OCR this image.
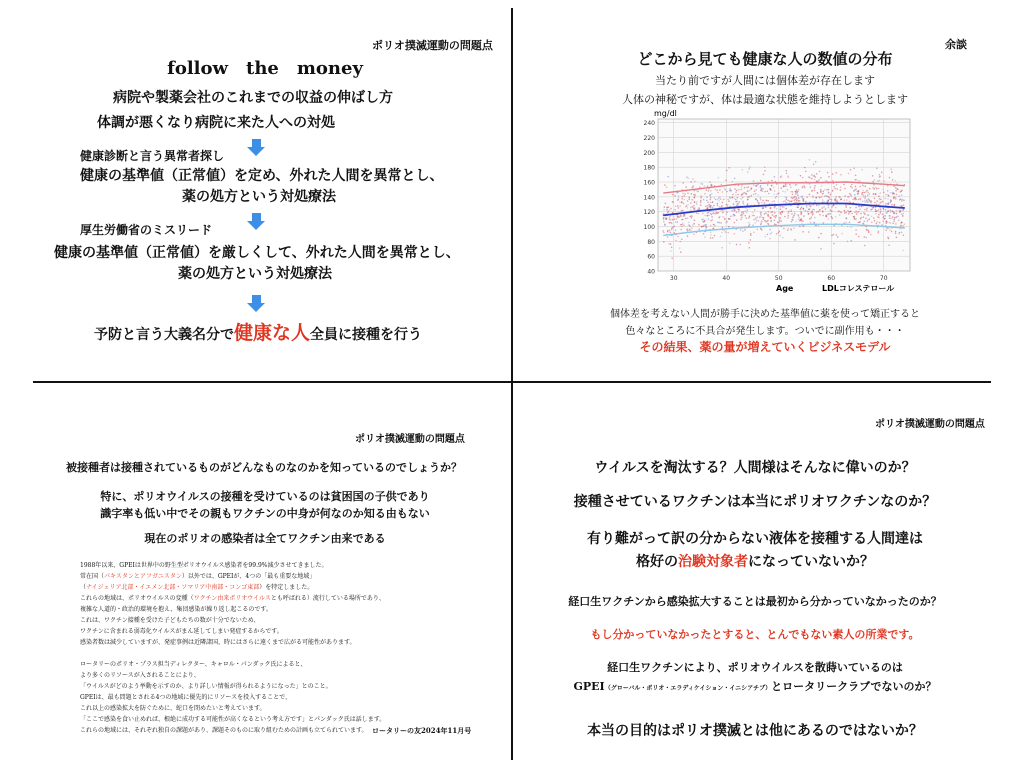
ポリオ撲滅運動の問題点
follow　the　money
病院や製薬会社のこれまでの収益の伸ばし方
体調が悪くなり病院に来た人への対処
健康診断と言う異常者探し
健康の基準値（正常値）を定め、外れた人間を異常とし、
薬の処方という対処療法
厚生労働省のミスリード
健康の基準値（正常値）を厳しくして、外れた人間を異常とし、
薬の処方という対処療法
予防と言う大義名分で健康な人全員に接種を行う
余談
どこから見ても健康な人の数値の分布
当たり前ですが人間には個体差が存在します
人体の神秘ですが、体は最適な状態を維持しようとします
40
60
80
100
120
140
160
180
200
220
240
30	40	50	60	70
mg/dl
Age	LDLコレステロール
個体差を考えない人間が勝手に決めた基準値に薬を使って矯正すると
色々なところに不具合が発生します。ついでに副作用も・・・
その結果、薬の量が増えていくビジネスモデル
ポリオ撲滅運動の問題点
被接種者は接種されているものがどんなものなのかを知っているのでしょうか？
特に、ポリオウイルスの接種を受けているのは貧困国の子供であり
識字率も低い中でその親もワクチンの中身が何なのか知る由もない
現在のポリオの感染者は全てワクチン由来である
1988年以来、GPEIは世界中の野生型ポリオウイルス感染者を99.9%減少させてきました。
常在国（パキスタンとアフガニスタン）以外では、GPEIが、4つの「最も重要な地域」
（ナイジェリア北部・イエメン北部・ソマリア中南部・コンゴ東部）を特定しました。
これらの地域は、ポリオウイルスの変種（ワクチン由来ポリオウイルスとも呼ばれる）流行している場所であり、
複雑な人道的・政治的環境を抱え、集団感染が繰り返し起こるのです。
これは、ワクチン接種を受けた子どもたちの数が十分でないため、
ワクチンに含まれる弱毒化ウイルスがまん延してしまい発症するからです。
感染者数は減少していますが、発症事例は近隣諸国、時にはさらに遠くまで広がる可能性があります。
ロータリーのポリオ・プラス担当ディレクター、キャロル・パンダック氏によると、
より多くのリソースが入されることにより、
「ウイルスがどのよう挙動を示すのか、より詳しい情報が得られるようになった」とのこと。
GPEIは、最も問題とされる4つの地域に優先的にリソースを投入することで、
これ以上の感染拡大を防ぐために、蛇口を閉めたいと考えています。
「ここで感染を食い止めれば、根絶に成功する可能性が高くなるという考え方です」とパンダック氏は話します。
これらの地域には、それぞれ独自の課題があり、課題そのものに取り組むための計画も立てられています。 ロータリーの友2024年11月号
ポリオ撲滅運動の問題点
ウイルスを淘汰する？人間様はそんなに偉いのか？
接種させているワクチンは本当にポリオワクチンなのか？
有り難がって訳の分からない液体を接種する人間達は
格好の治験対象者になっていないか？
経口生ワクチンから感染拡大することは最初から分かっていなかったのか？
もし分かっていなかったとすると、とんでもない素人の所業です。
経口生ワクチンにより、ポリオウイルスを散蒔いているのは
GPEI（グローバル・ポリオ・エラディケイション・イニシアチブ）とロータリークラブでないのか？
本当の目的はポリオ撲滅とは他にあるのではないか？
